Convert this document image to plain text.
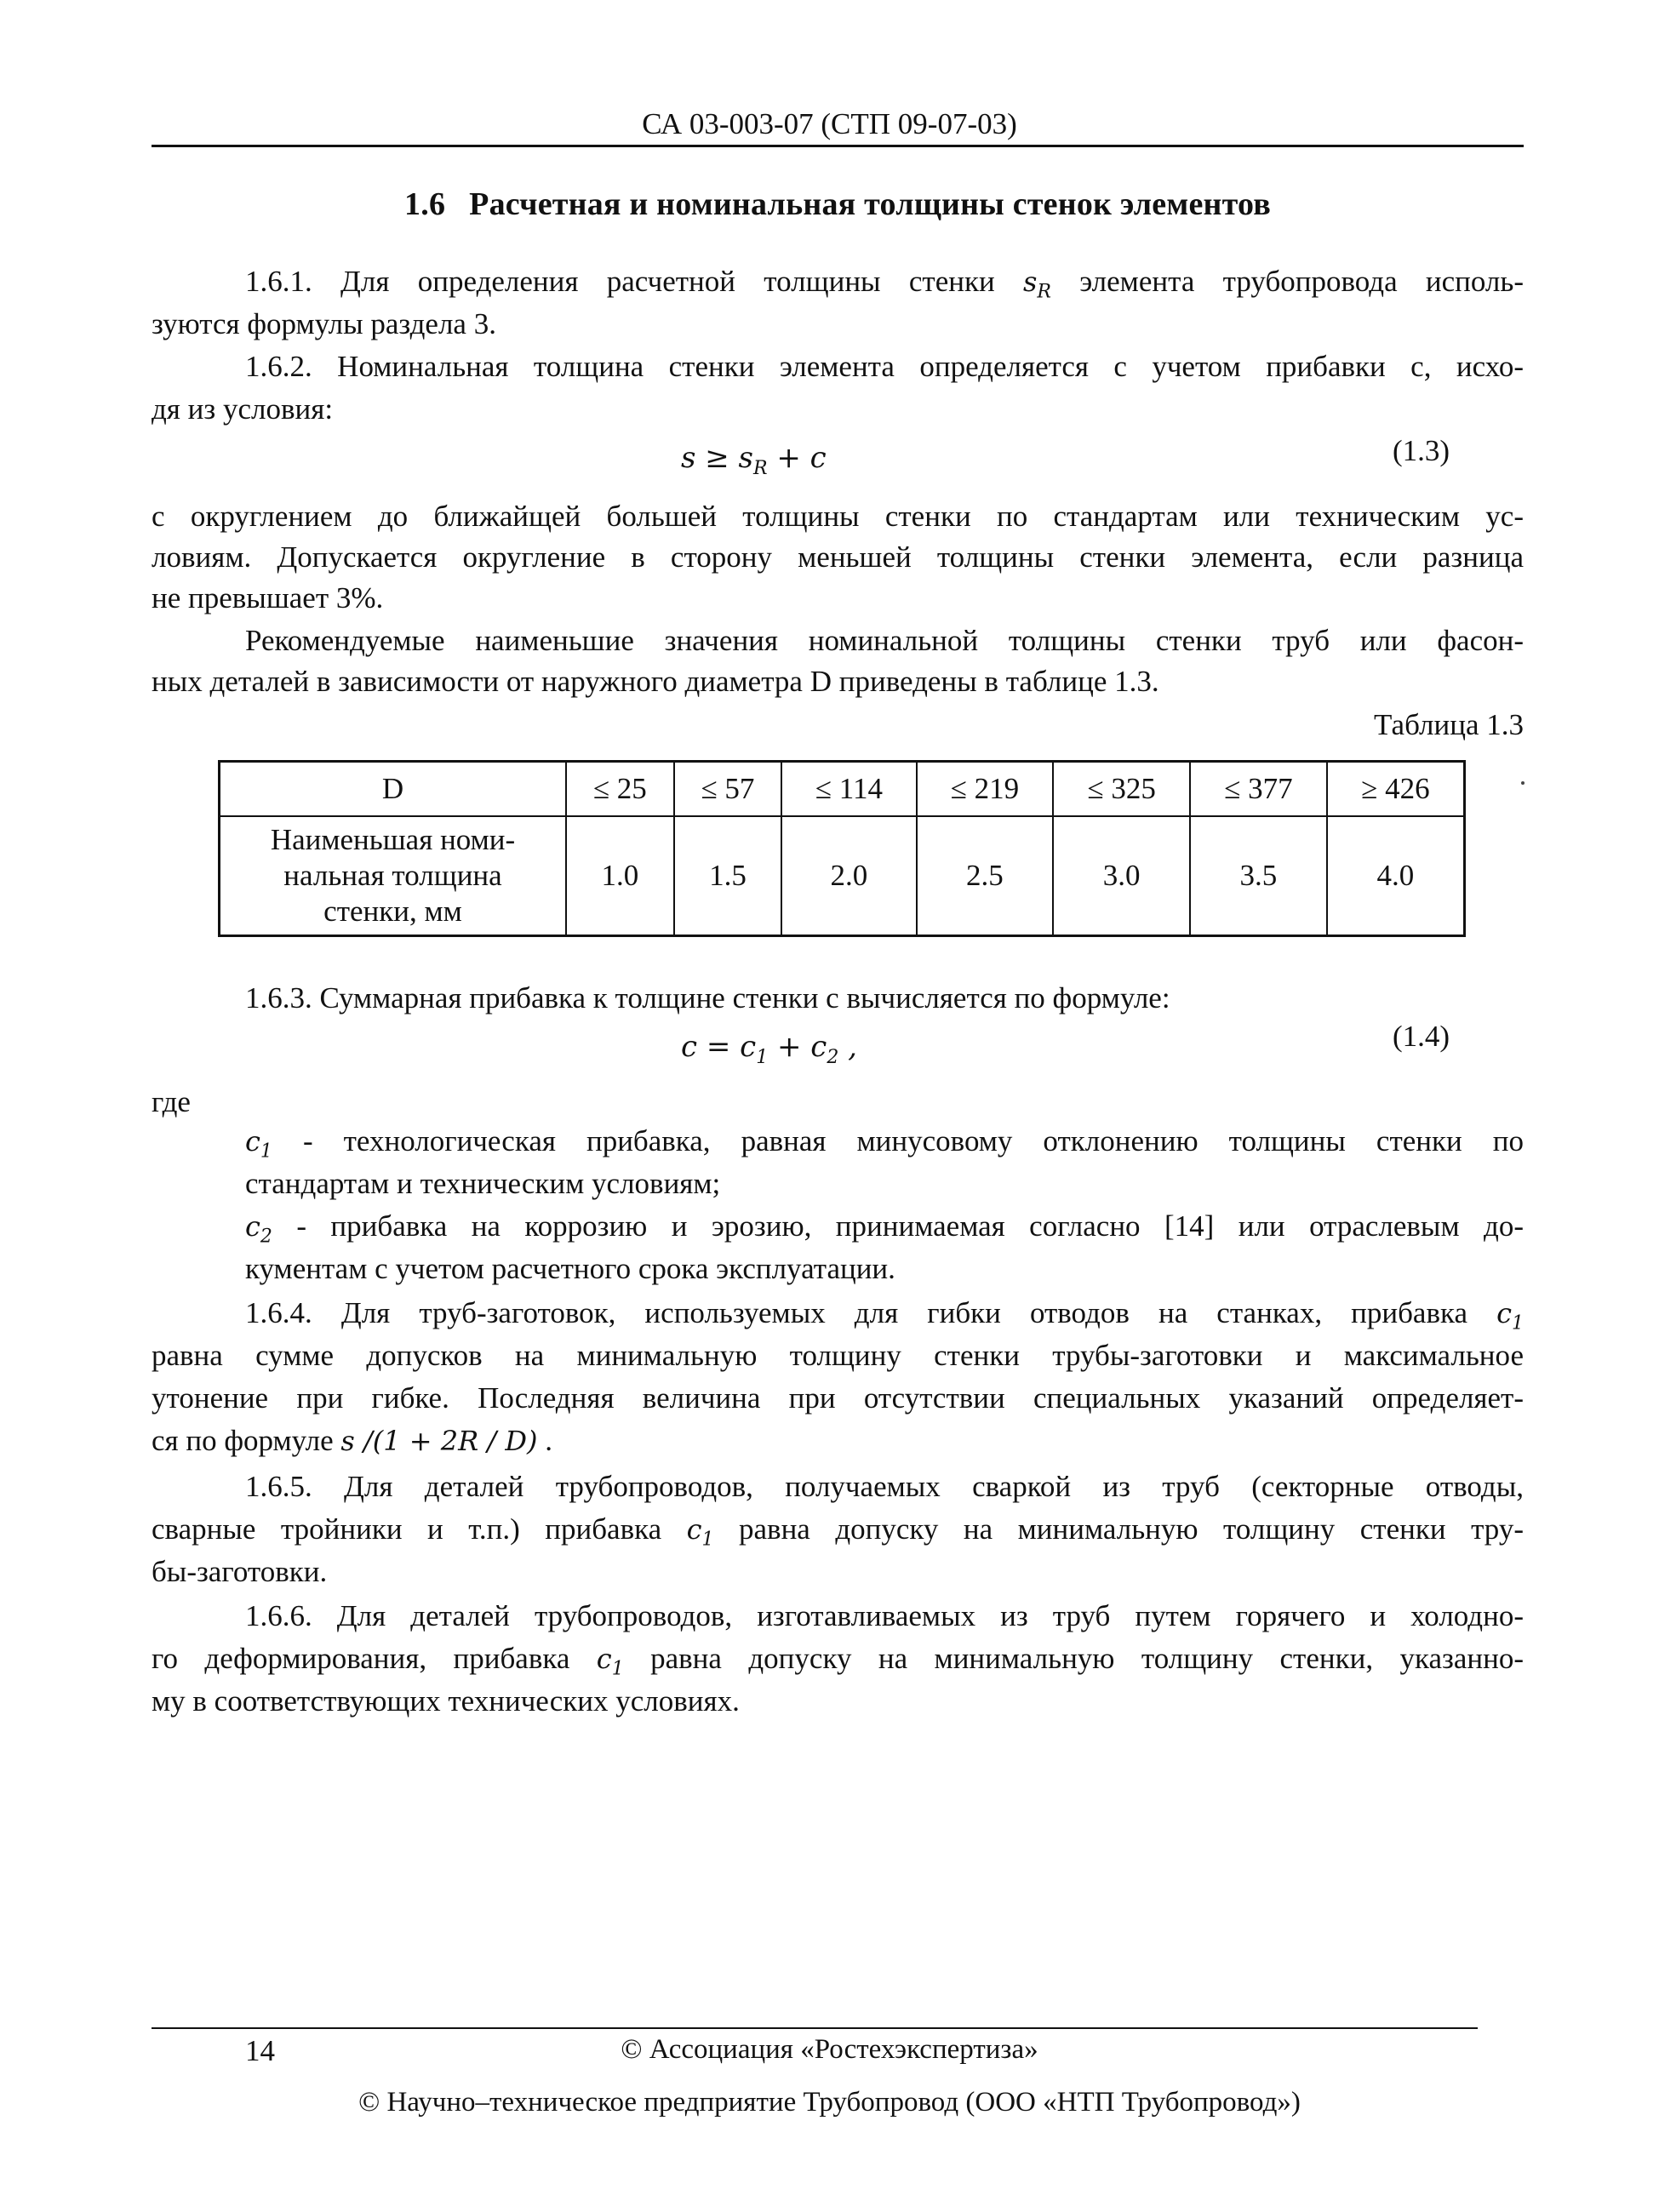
СА 03-003-07 (СТП 09-07-03)
1.6 Расчетная и номинальная толщины стенок элементов
1.6.1. Для определения расчетной толщины стенки $s_R$ элемента трубопровода исполь-
зуются формулы раздела 3.
1.6.2. Номинальная толщина стенки элемента определяется с учетом прибавки c, исхо-
дя из условия:
$s \ge s_R + c$	(1.3)
с округлением до ближайщей большей толщины стенки по стандартам или техническим ус-
ловиям. Допускается округление в сторону меньшей толщины стенки элемента, если разница
не превышает 3%.
Рекомендуемые наименьшие значения номинальной толщины стенки труб или фасон-
ных деталей в зависимости от наружного диаметра D приведены в таблице 1.3.
Таблица 1.3
D	≤ 25	≤ 57	≤ 114	≤ 219	≤ 325	≤ 377	≥ 426

Наименьшая номи-
нальная толщина
стенки, мм	1.0	1.5	2.0	2.5	3.0	3.5	4.0
1.6.3. Суммарная прибавка к толщине стенки c вычисляется по формуле:
$c = c_1 + c_2$ ,	(1.4)
где
$c_1$ - технологическая прибавка, равная минусовому отклонению толщины стенки по
стандартам и техническим условиям;
$c_2$ - прибавка на коррозию и эрозию, принимаемая согласно [14] или отраслевым до-
кументам с учетом расчетного срока эксплуатации.
1.6.4. Для труб-заготовок, используемых для гибки отводов на станках, прибавка $c_1$
равна сумме допусков на минимальную толщину стенки трубы-заготовки и максимальное
утонение при гибке. Последняя величина при отсутствии специальных указаний определяет-
ся по формуле s /(1 + 2R / D) .
1.6.5. Для деталей трубопроводов, получаемых сваркой из труб (секторные отводы,
сварные тройники и т.п.) прибавка $c_1$ равна допуску на минимальную толщину стенки тру-
бы-заготовки.
1.6.6. Для деталей трубопроводов, изготавливаемых из труб путем горячего и холодно-
го деформирования, прибавка $c_1$ равна допуску на минимальную толщину стенки, указанно-
му в соответствующих технических условиях.
14	© Ассоциация «Ростехэкспертиза»
© Научно–техническое предприятие Трубопровод (ООО «НТП Трубопровод»)
